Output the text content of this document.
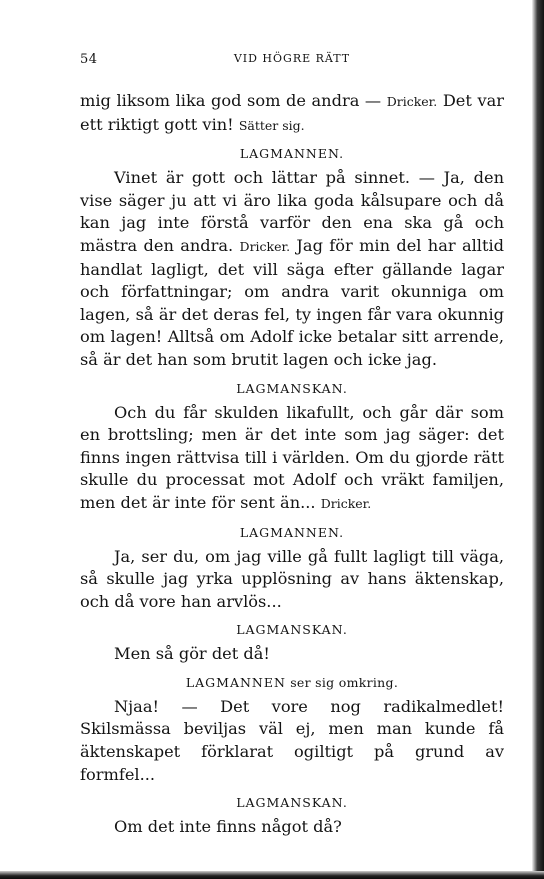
54	VID HÖGRE RÄTT

mig liksom lika god som de andra — Dricker. Det var ett riktigt gott vin! Sätter sig.

LAGMANNEN.

Vinet är gott och lättar på sinnet. — Ja, den vise säger ju att vi äro lika goda kålsupare och då kan jag inte förstå varför den ena ska gå och mästra den andra. Dricker. Jag för min del har alltid handlat lagligt, det vill säga efter gällande lagar och författningar; om andra varit okunniga om lagen, så är det deras fel, ty ingen får vara okunnig om lagen! Alltså om Adolf icke betalar sitt arrende, så är det han som brutit lagen och icke jag.

LAGMANSKAN.

Och du får skulden likafullt, och går där som en brottsling; men är det inte som jag säger: det finns ingen rättvisa till i världen. Om du gjorde rätt skulle du processat mot Adolf och vräkt familjen, men det är inte för sent än... Dricker.

LAGMANNEN.

Ja, ser du, om jag ville gå fullt lagligt till väga, så skulle jag yrka upplösning av hans äktenskap, och då vore han arvlös...

LAGMANSKAN.

Men så gör det då!

LAGMANNEN ser sig omkring.

Njaa! — Det vore nog radikalmedlet! Skilsmässa beviljas väl ej, men man kunde få äktenskapet förklarat ogiltigt på grund av formfel...

LAGMANSKAN.

Om det inte finns något då?
